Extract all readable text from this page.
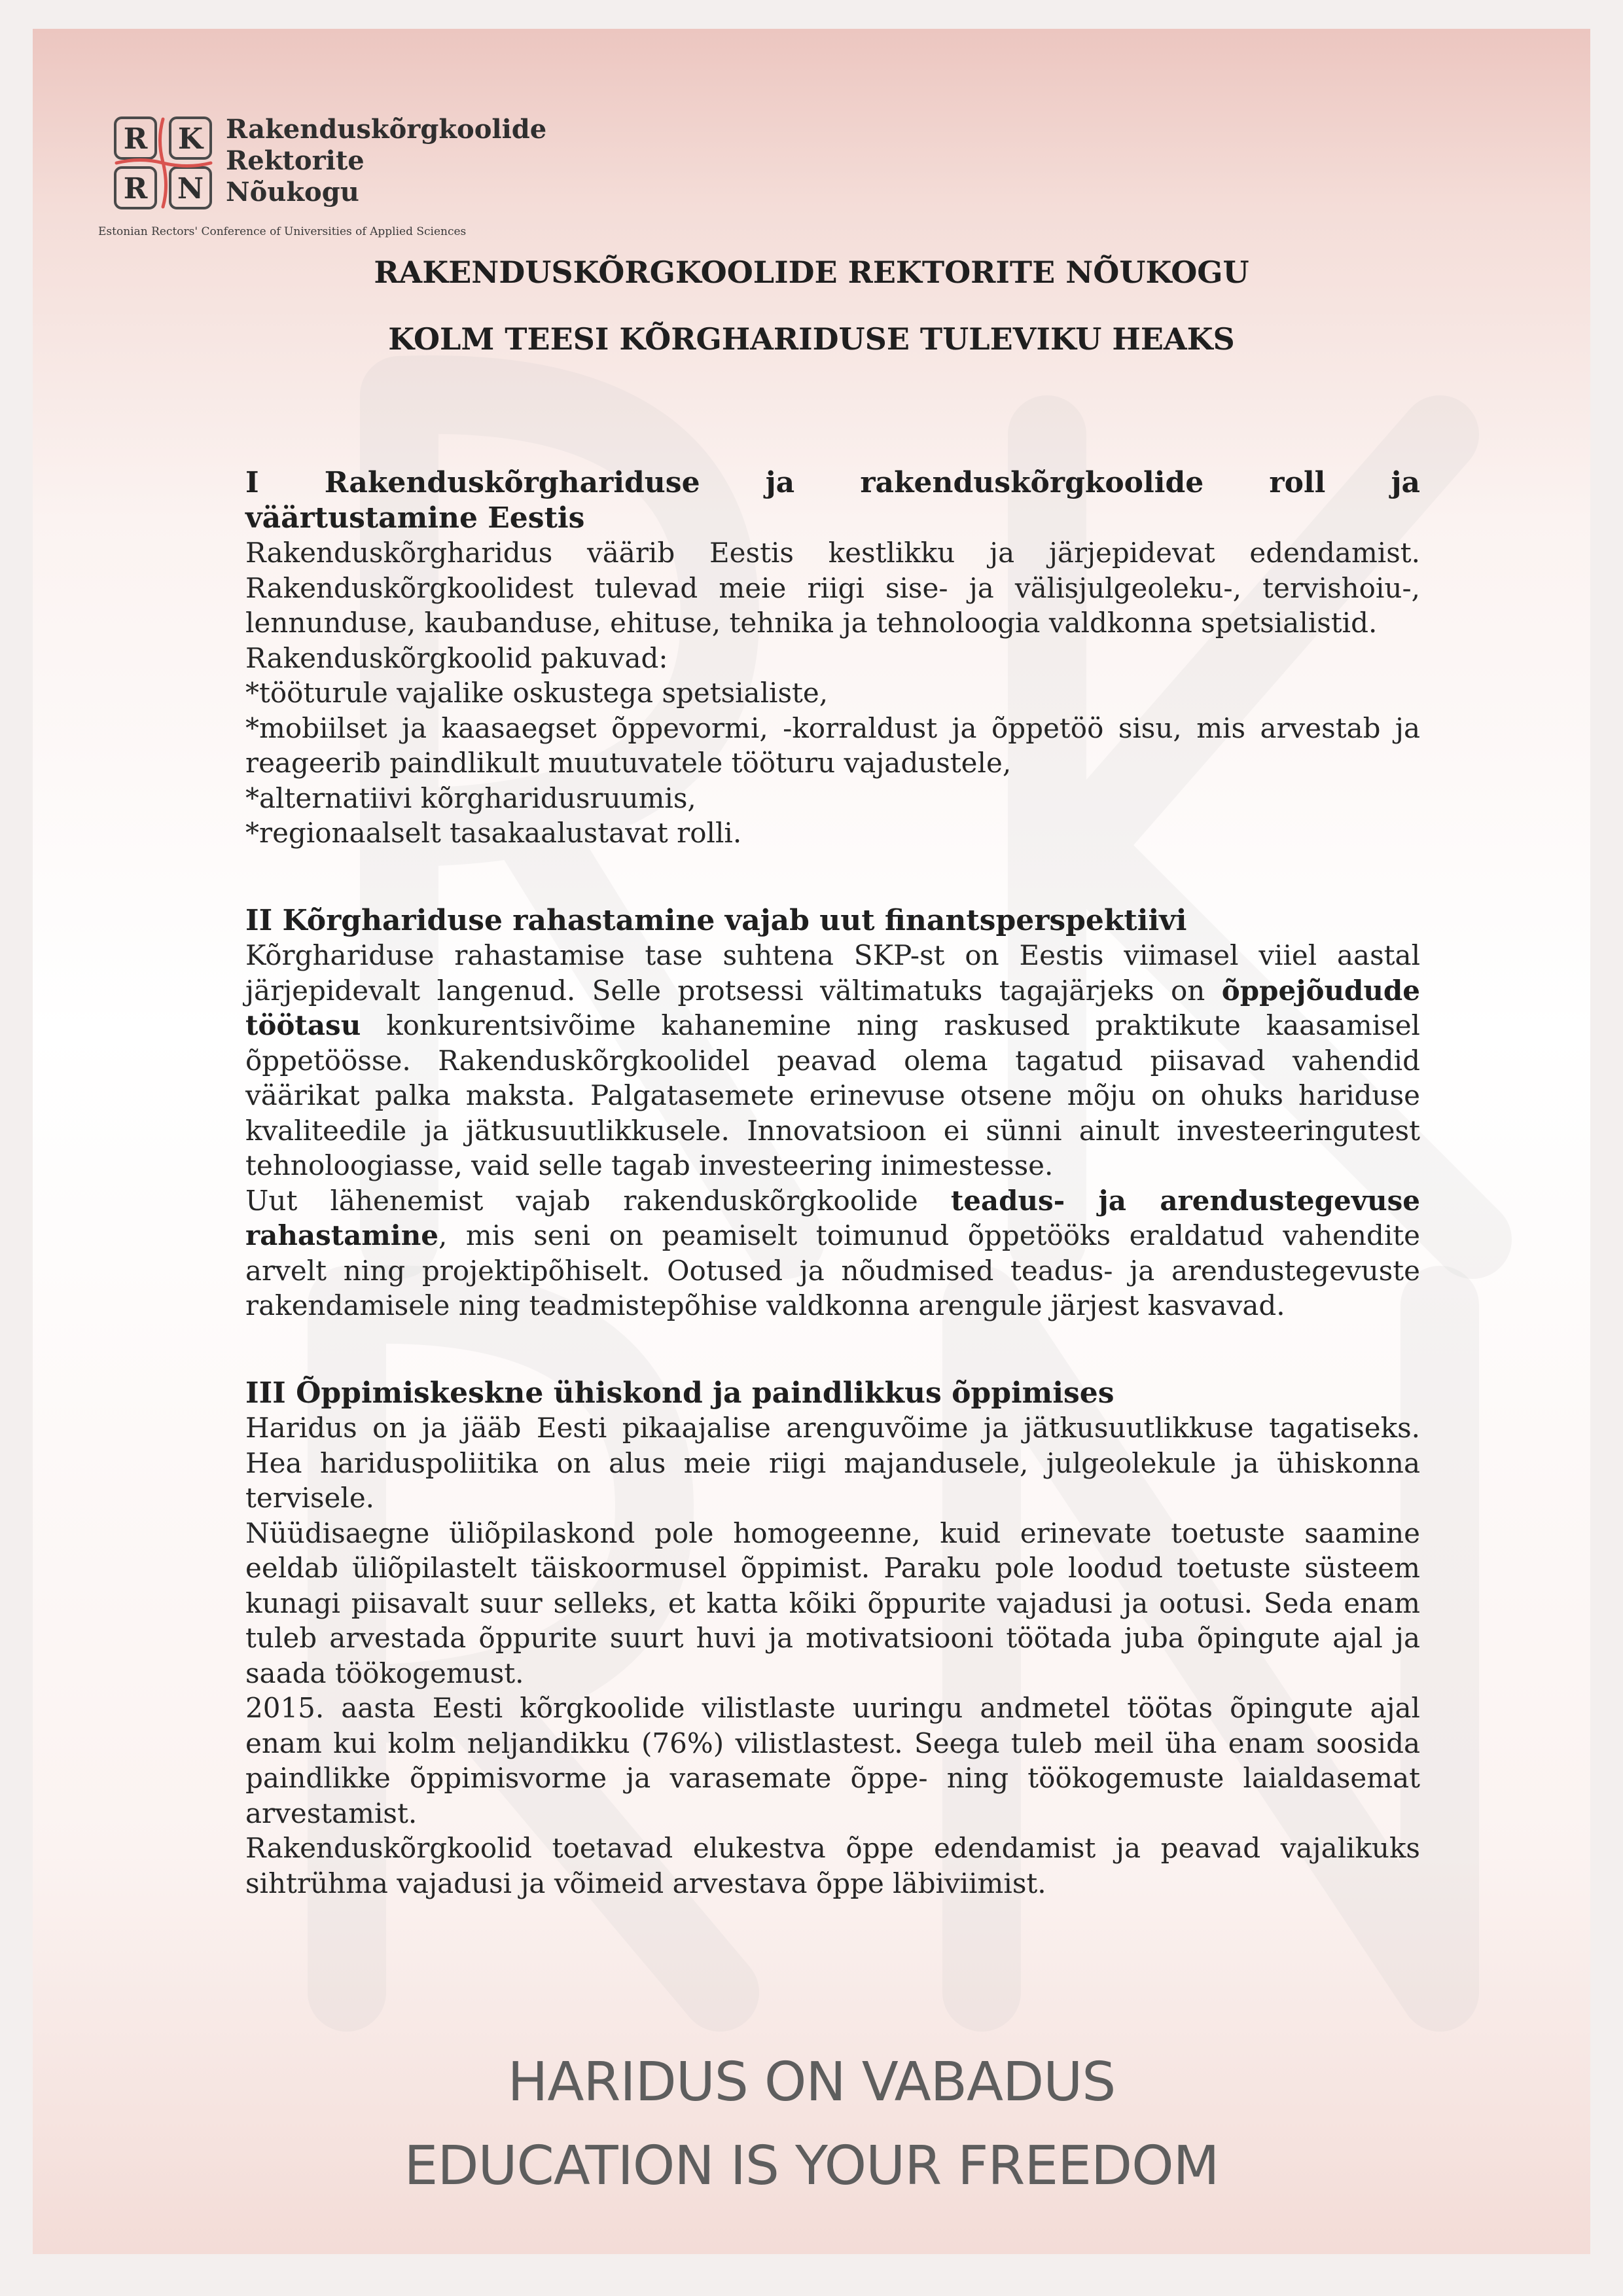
R K
R N
Rakenduskõrgkoolide
Rektorite
Nõukogu
Estonian Rectors' Conference of Universities of Applied Sciences
RAKENDUSKÕRGKOOLIDE REKTORITE NÕUKOGU
KOLM TEESI KÕRGHARIDUSE TULEVIKU HEAKS
I Rakenduskõrghariduse ja rakenduskõrgkoolide roll ja
väärtustamine Eestis

Rakenduskõrgharidus väärib Eestis kestlikku ja järjepidevat edendamist. Rakenduskõrgkoolidest tulevad meie riigi sise- ja välisjulgeoleku-, tervishoiu-, lennunduse, kaubanduse, ehituse, tehnika ja tehnoloogia valdkonna spetsialistid.

Rakenduskõrgkoolid pakuvad:

*tööturule vajalike oskustega spetsialiste,

*mobiilset ja kaasaegset õppevormi, -korraldust ja õppetöö sisu, mis arvestab ja reageerib paindlikult muutuvatele tööturu vajadustele,

*alternatiivi kõrgharidusruumis,

*regionaalselt tasakaalustavat rolli.

II Kõrghariduse rahastamine vajab uut finantsperspektiivi

Kõrghariduse rahastamise tase suhtena SKP-st on Eestis viimasel viiel aastal järjepidevalt langenud. Selle protsessi vältimatuks tagajärjeks on õppejõudude töötasu konkurentsivõime kahanemine ning raskused praktikute kaasamisel õppetöösse. Rakenduskõrgkoolidel peavad olema tagatud piisavad vahendid väärikat palka maksta. Palgatasemete erinevuse otsene mõju on ohuks hariduse kvaliteedile ja jätkusuutlikkusele. Innovatsioon ei sünni ainult investeeringutest tehnoloogiasse, vaid selle tagab investeering inimestesse.

Uut lähenemist vajab rakenduskõrgkoolide teadus- ja arendustegevuse rahastamine, mis seni on peamiselt toimunud õppetööks eraldatud vahendite arvelt ning projektipõhiselt. Ootused ja nõudmised teadus- ja arendustegevuste rakendamisele ning teadmistepõhise valdkonna arengule järjest kasvavad.

III Õppimiskeskne ühiskond ja paindlikkus õppimises

Haridus on ja jääb Eesti pikaajalise arenguvõime ja jätkusuutlikkuse tagatiseks. Hea hariduspoliitika on alus meie riigi majandusele, julgeolekule ja ühiskonna tervisele.

Nüüdisaegne üliõpilaskond pole homogeenne, kuid erinevate toetuste saamine eeldab üliõpilastelt täiskoormusel õppimist. Paraku pole loodud toetuste süsteem kunagi piisavalt suur selleks, et katta kõiki õppurite vajadusi ja ootusi. Seda enam tuleb arvestada õppurite suurt huvi ja motivatsiooni töötada juba õpingute ajal ja saada töökogemust.

2015. aasta Eesti kõrgkoolide vilistlaste uuringu andmetel töötas õpingute ajal enam kui kolm neljandikku (76%) vilistlastest. Seega tuleb meil üha enam soosida paindlikke õppimisvorme ja varasemate õppe- ning töökogemuste laialdasemat arvestamist.

Rakenduskõrgkoolid toetavad elukestva õppe edendamist ja peavad vajalikuks sihtrühma vajadusi ja võimeid arvestava õppe läbiviimist.

HARIDUS ON VABADUS
EDUCATION IS YOUR FREEDOM
